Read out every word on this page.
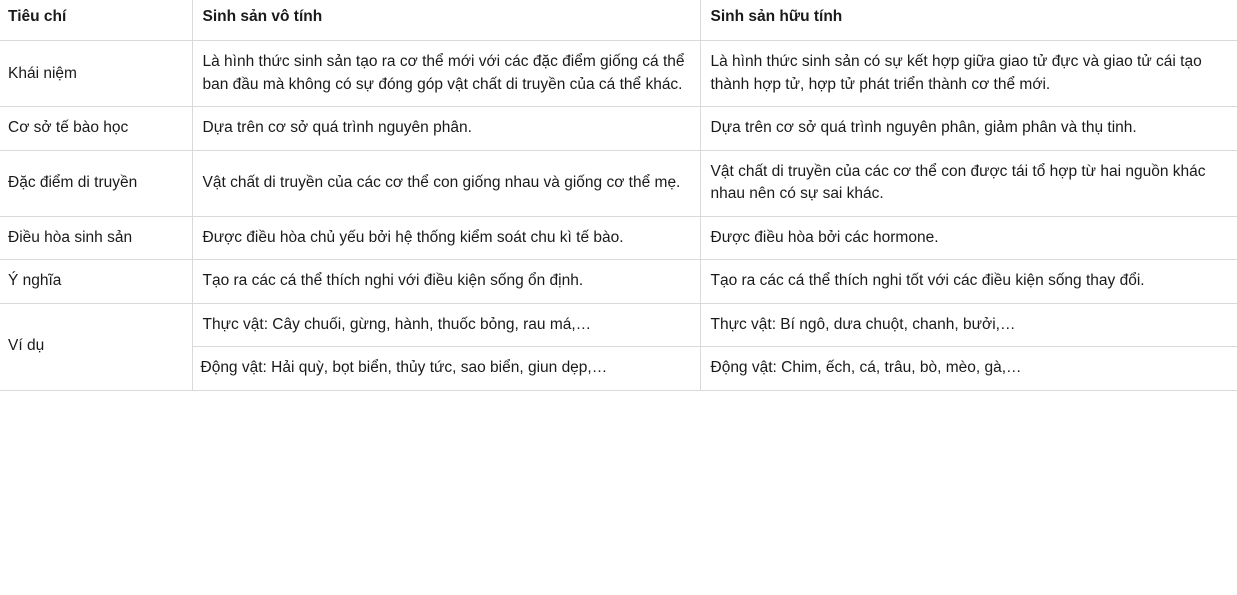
Tiêu chí	Sinh sản vô tính	Sinh sản hữu tính
Khái niệm	Là hình thức sinh sản tạo ra cơ thể mới với các đặc điểm giống cá thể ban đầu mà không có sự đóng góp vật chất di truyền của cá thể khác.	Là hình thức sinh sản có sự kết hợp giữa giao tử đực và giao tử cái tạo thành hợp tử, hợp tử phát triển thành cơ thể mới.
Cơ sở tế bào học	Dựa trên cơ sở quá trình nguyên phân.	Dựa trên cơ sở quá trình nguyên phân, giảm phân và thụ tinh.
Đặc điểm di truyền	Vật chất di truyền của các cơ thể con giống nhau và giống cơ thể mẹ.	Vật chất di truyền của các cơ thể con được tái tổ hợp từ hai nguồn khác nhau nên có sự sai khác.
Điều hòa sinh sản	Được điều hòa chủ yếu bởi hệ thống kiểm soát chu kì tế bào.	Được điều hòa bởi các hormone.
Ý nghĩa	Tạo ra các cá thể thích nghi với điều kiện sống ổn định.	Tạo ra các cá thể thích nghi tốt với các điều kiện sống thay đổi.
Ví dụ	Thực vật: Cây chuối, gừng, hành, thuốc bỏng, rau má,…	Thực vật: Bí ngô, dưa chuột, chanh, bưởi,…
	Động vật: Hải quỳ, bọt biển, thủy tức, sao biển, giun dẹp,…	Động vật: Chim, ếch, cá, trâu, bò, mèo, gà,…
